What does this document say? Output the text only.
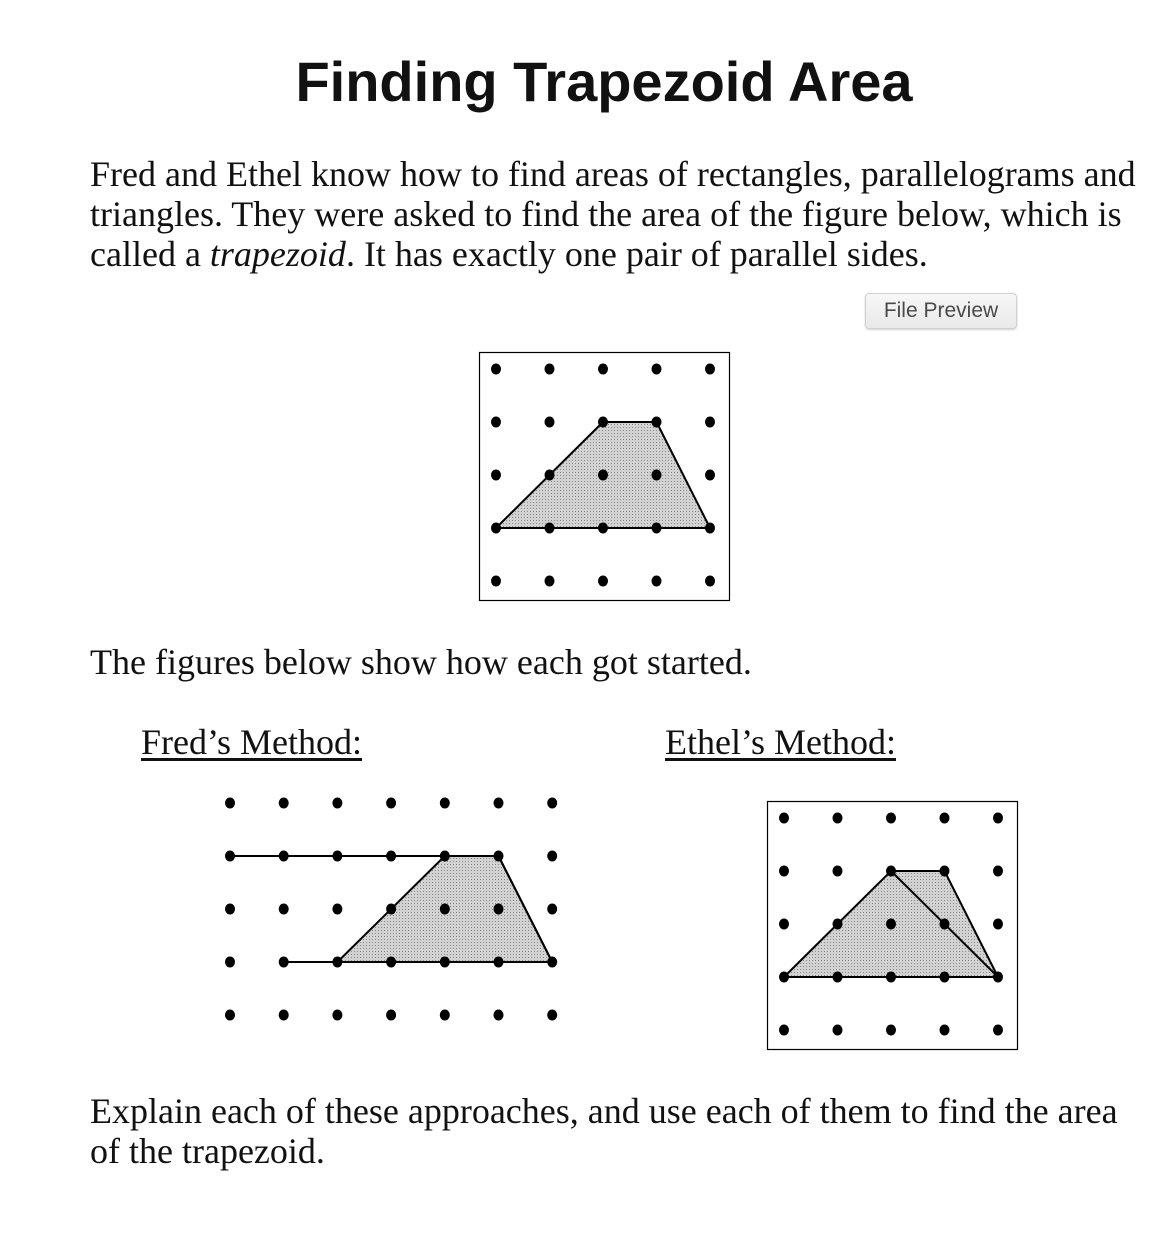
Finding Trapezoid Area

Fred and Ethel know how to find areas of rectangles, parallelograms and triangles. They were asked to find the area of the figure below, which is called a trapezoid. It has exactly one pair of parallel sides.

File Preview

The figures below show how each got started.

Fred’s Method:	Ethel’s Method:

Explain each of these approaches, and use each of them to find the area of the trapezoid.
